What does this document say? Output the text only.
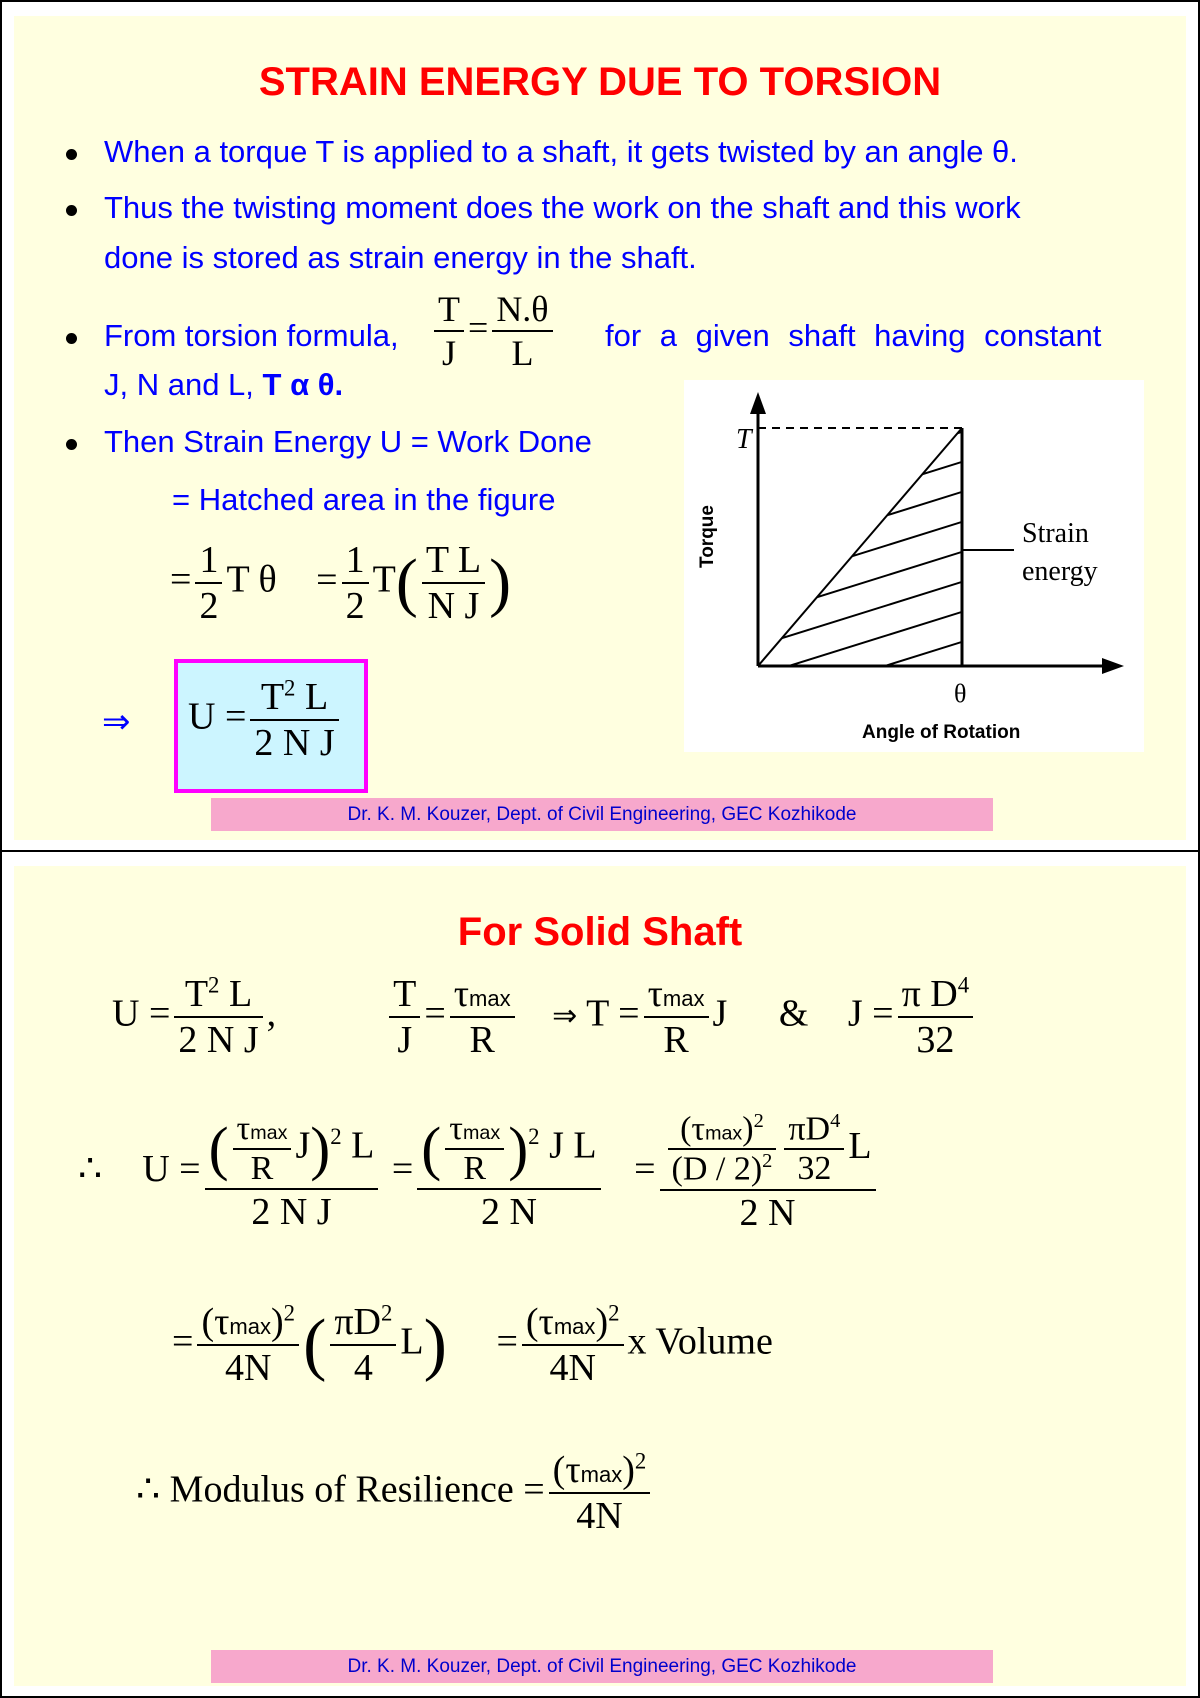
STRAIN ENERGY DUE TO TORSION
When a torque T is applied to a shaft, it gets twisted by an angle θ.
Thus the twisting moment does the work on the shaft and this work
done is stored as strain energy in the shaft.
From torsion formula, $\frac{T}{J} = \frac{N.\theta}{L}$ for a given shaft having constant
J, N and L, T α θ.
Then Strain Energy U = Work Done
= Hatched area in the figure
= $\frac{1}{2}$ T $\theta = \frac{1}{2} T( \frac{\text{T L}}{\text{N J}}$ )
⇒ $U = \frac{T^2 L}{\text{2 N J}}$
T
θ
Strain
energy
Angle of Rotation
Torque
Dr. K. M. Kouzer, Dept. of Civil Engineering, GEC Kozhikode
For Solid Shaft
$U = \frac{T^2 L}{\text{2 N J}}$ ,	$\frac{T}{J} = \frac{\tau\max}{R}$ ⇒ $T = \frac{\tau\max}{R}$ J & $J = \frac{\pi D^4}{32}$
∴ $U = \frac{( \frac{\tau\max}{R} J)^2 L}{\text{2 N J}} = \frac{( \frac{\tau\max}{R} )^2 J L}{2 N} = \frac{\frac{(\tau\max)^2}{(D / 2)^2} \frac{\pi D^4}{32} L}{2 N}$
= $\frac{(\tau\max)^2}{4N}$ ( $\frac{\pi D^2}{4} L) = \frac{(\tau\max)^2}{4N}$ x Volume
∴ Modulus of Resilience = $\frac{(\tau\max)^2}{4N}$
Dr. K. M. Kouzer, Dept. of Civil Engineering, GEC Kozhikode
